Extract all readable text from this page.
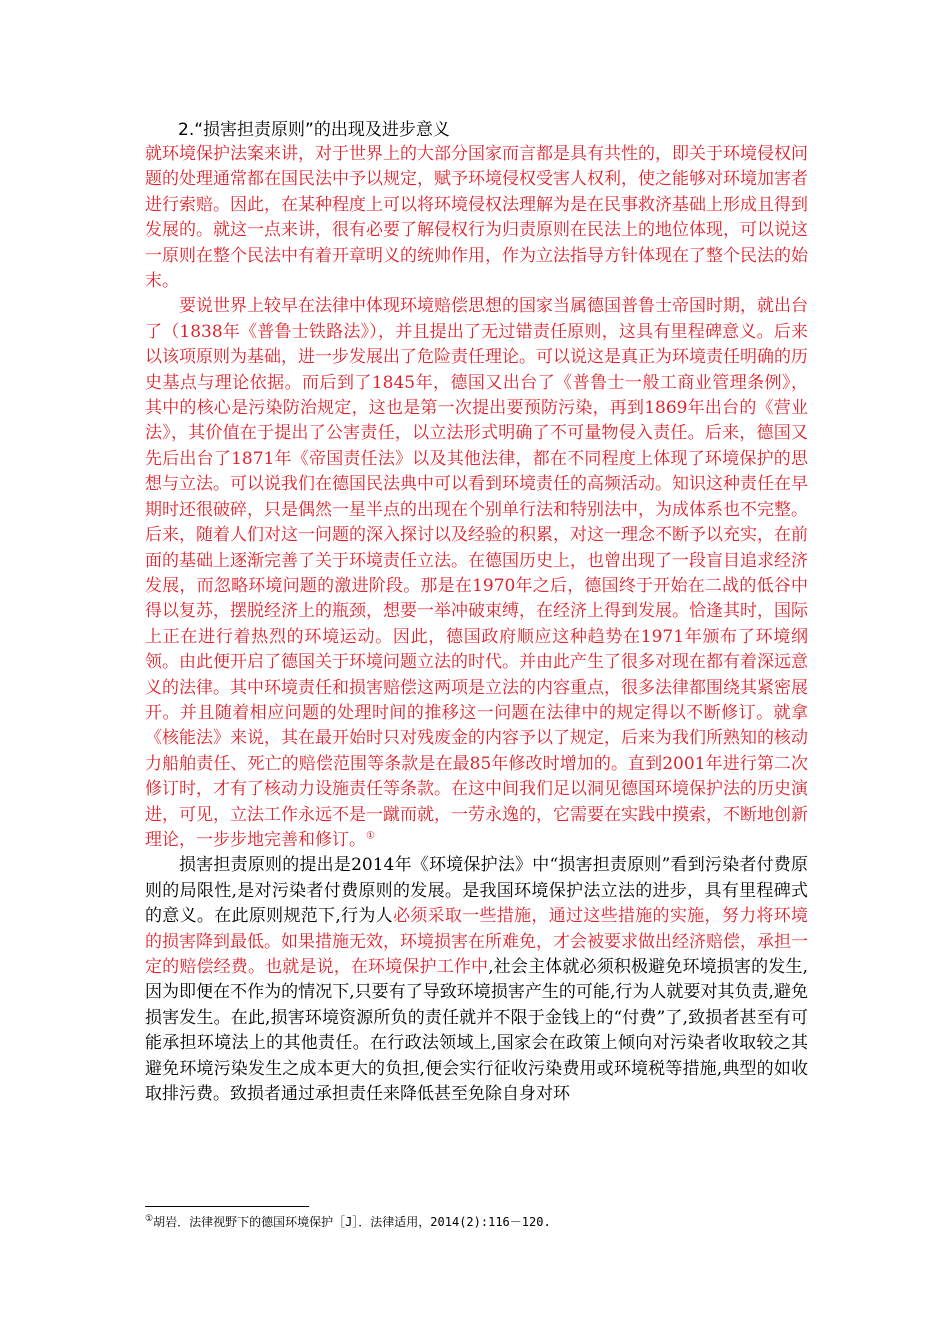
2.“损害担责原则”的出现及进步意义

就环境保护法案来讲，对于世界上的大部分国家而言都是具有共性的，即关于环境侵权问题的处理通常都在国民法中予以规定，赋予环境侵权受害人权利，使之能够对环境加害者进行索赔。因此，在某种程度上可以将环境侵权法理解为是在民事救济基础上形成且得到发展的。就这一点来讲，很有必要了解侵权行为归责原则在民法上的地位体现，可以说这一原则在整个民法中有着开章明义的统帅作用，作为立法指导方针体现在了整个民法的始末。

要说世界上较早在法律中体现环境赔偿思想的国家当属德国普鲁士帝国时期，就出台了（1838年《普鲁士铁路法》），并且提出了无过错责任原则，这具有里程碑意义。后来以该项原则为基础，进一步发展出了危险责任理论。可以说这是真正为环境责任明确的历史基点与理论依据。而后到了1845年，德国又出台了《普鲁士一般工商业管理条例》，其中的核心是污染防治规定，这也是第一次提出要预防污染，再到1869年出台的《营业法》，其价值在于提出了公害责任，以立法形式明确了不可量物侵入责任。后来，德国又先后出台了1871年《帝国责任法》以及其他法律，都在不同程度上体现了环境保护的思想与立法。可以说我们在德国民法典中可以看到环境责任的高频活动。知识这种责任在早期时还很破碎，只是偶然一星半点的出现在个别单行法和特别法中，为成体系也不完整。后来，随着人们对这一问题的深入探讨以及经验的积累，对这一理念不断予以充实，在前面的基础上逐渐完善了关于环境责任立法。在德国历史上，也曾出现了一段盲目追求经济发展，而忽略环境问题的激进阶段。那是在1970年之后，德国终于开始在二战的低谷中得以复苏，摆脱经济上的瓶颈，想要一举冲破束缚，在经济上得到发展。恰逢其时，国际上正在进行着热烈的环境运动。因此，德国政府顺应这种趋势在1971年颁布了环境纲领。由此便开启了德国关于环境问题立法的时代。并由此产生了很多对现在都有着深远意义的法律。其中环境责任和损害赔偿这两项是立法的内容重点，很多法律都围绕其紧密展开。并且随着相应问题的处理时间的推移这一问题在法律中的规定得以不断修订。就拿《核能法》来说，其在最开始时只对残废金的内容予以了规定，后来为我们所熟知的核动力船舶责任、死亡的赔偿范围等条款是在最85年修改时增加的。直到2001年进行第二次修订时，才有了核动力设施责任等条款。在这中间我们足以洞见德国环境保护法的历史演进，可见，立法工作永远不是一蹴而就，一劳永逸的，它需要在实践中摸索，不断地创新理论，一步步地完善和修订。①

损害担责原则的提出是2014年《环境保护法》中“损害担责原则”看到污染者付费原则的局限性,是对污染者付费原则的发展。是我国环境保护法立法的进步，具有里程碑式的意义。在此原则规范下,行为人必须采取一些措施，通过这些措施的实施，努力将环境的损害降到最低。如果措施无效，环境损害在所难免，才会被要求做出经济赔偿，承担一定的赔偿经费。也就是说，在环境保护工作中,社会主体就必须积极避免环境损害的发生,因为即便在不作为的情况下,只要有了导致环境损害产生的可能,行为人就要对其负责,避免损害发生。在此,损害环境资源所负的责任就并不限于金钱上的“付费”了,致损者甚至有可能承担环境法上的其他责任。在行政法领域上,国家会在政策上倾向对污染者收取较之其避免环境污染发生之成本更大的负担,便会实行征收污染费用或环境税等措施,典型的如收取排污费。致损者通过承担责任来降低甚至免除自身对环

①胡岩．法律视野下的德国环境保护［J］．法律适用，2014(2):116－120.
